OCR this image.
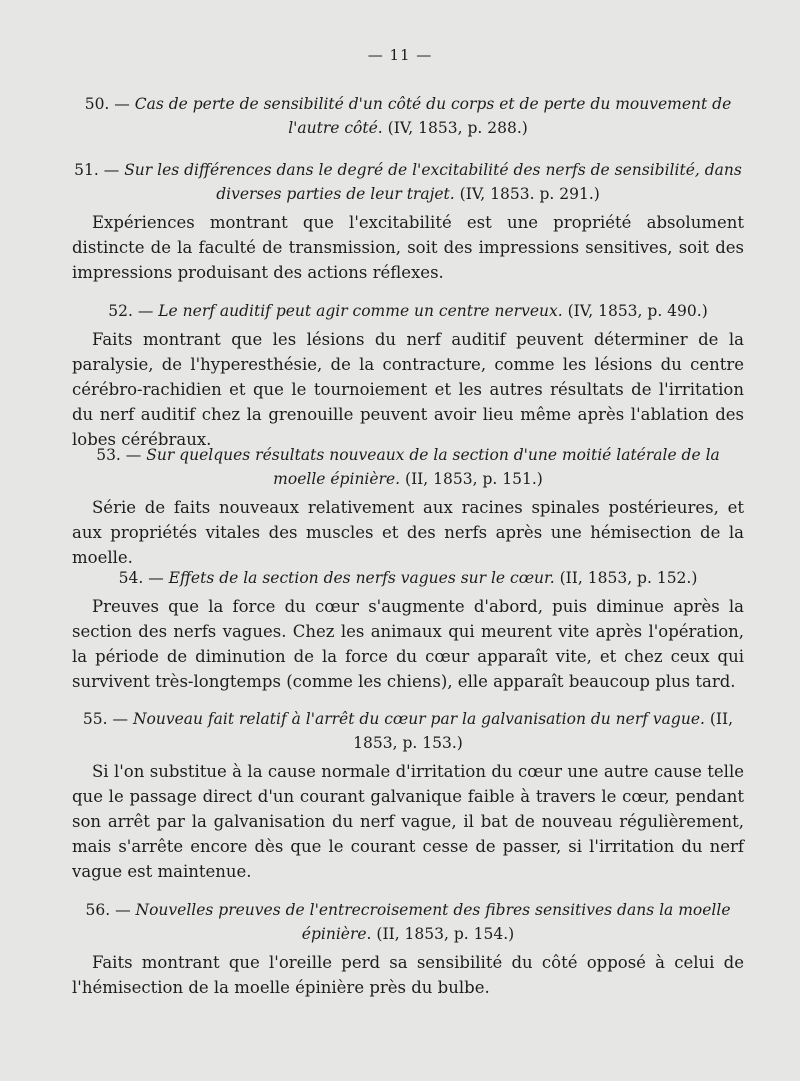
— 11 —
50. — Cas de perte de sensibilité d'un côté du corps et de perte du mouvement de l'autre côté. (IV, 1853, p. 288.)
51. — Sur les différences dans le degré de l'excitabilité des nerfs de sensibilité, dans diverses parties de leur trajet. (IV, 1853. p. 291.)
Expériences montrant que l'excitabilité est une propriété absolument distincte de la faculté de transmission, soit des impressions sensitives, soit des impressions produisant des actions réflexes.
52. — Le nerf auditif peut agir comme un centre nerveux. (IV, 1853, p. 490.)
Faits montrant que les lésions du nerf auditif peuvent déterminer de la paralysie, de l'hyperesthésie, de la contracture, comme les lésions du centre cérébro-rachidien et que le tournoiement et les autres résultats de l'irritation du nerf auditif chez la grenouille peuvent avoir lieu même après l'ablation des lobes cérébraux.
53. — Sur quelques résultats nouveaux de la section d'une moitié latérale de la moelle épinière. (II, 1853, p. 151.)
Série de faits nouveaux relativement aux racines spinales postérieures, et aux propriétés vitales des muscles et des nerfs après une hémisection de la moelle.
54. — Effets de la section des nerfs vagues sur le cœur. (II, 1853, p. 152.)
Preuves que la force du cœur s'augmente d'abord, puis diminue après la section des nerfs vagues. Chez les animaux qui meurent vite après l'opération, la période de diminution de la force du cœur apparaît vite, et chez ceux qui survivent très-longtemps (comme les chiens), elle apparaît beaucoup plus tard.
55. — Nouveau fait relatif à l'arrêt du cœur par la galvanisation du nerf vague. (II, 1853, p. 153.)
Si l'on substitue à la cause normale d'irritation du cœur une autre cause telle que le passage direct d'un courant galvanique faible à travers le cœur, pendant son arrêt par la galvanisation du nerf vague, il bat de nouveau régulièrement, mais s'arrête encore dès que le courant cesse de passer, si l'irritation du nerf vague est maintenue.
56. — Nouvelles preuves de l'entrecroisement des fibres sensitives dans la moelle épinière. (II, 1853, p. 154.)
Faits montrant que l'oreille perd sa sensibilité du côté opposé à celui de l'hémisection de la moelle épinière près du bulbe.
